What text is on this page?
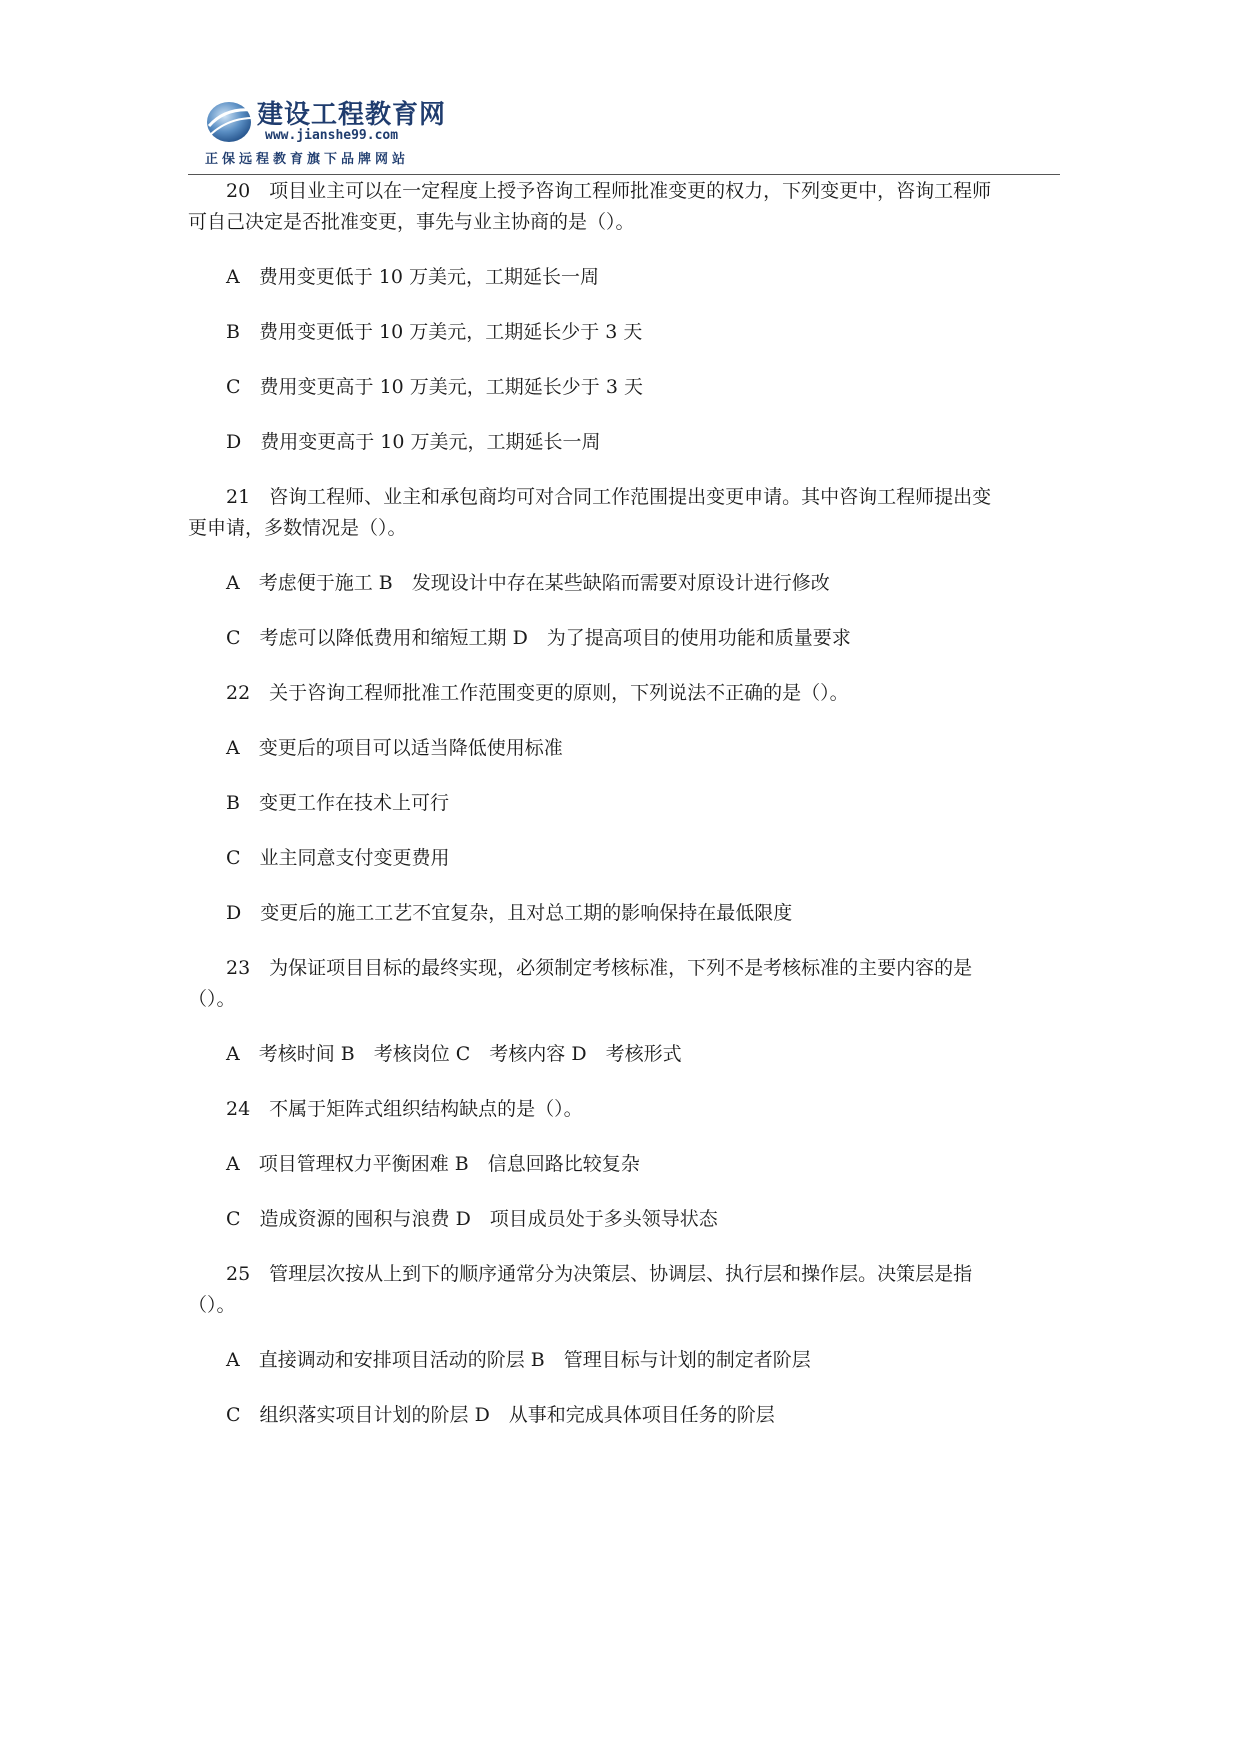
建设工程教育网
www.jianshe99.com
正保远程教育旗下品牌网站

　　20　项目业主可以在一定程度上授予咨询工程师批准变更的权力，下列变更中，咨询工程师

可自己决定是否批准变更，事先与业主协商的是（）。

　　A　费用变更低于 10 万美元，工期延长一周

　　B　费用变更低于 10 万美元，工期延长少于 3 天

　　C　费用变更高于 10 万美元，工期延长少于 3 天

　　D　费用变更高于 10 万美元，工期延长一周

　　21　咨询工程师、业主和承包商均可对合同工作范围提出变更申请。其中咨询工程师提出变

更申请，多数情况是（）。

　　A　考虑便于施工 B　发现设计中存在某些缺陷而需要对原设计进行修改

　　C　考虑可以降低费用和缩短工期 D　为了提高项目的使用功能和质量要求

　　22　关于咨询工程师批准工作范围变更的原则，下列说法不正确的是（）。

　　A　变更后的项目可以适当降低使用标准

　　B　变更工作在技术上可行

　　C　业主同意支付变更费用

　　D　变更后的施工工艺不宜复杂，且对总工期的影响保持在最低限度

　　23　为保证项目目标的最终实现，必须制定考核标准，下列不是考核标准的主要内容的是

（）。

　　A　考核时间 B　考核岗位 C　考核内容 D　考核形式

　　24　不属于矩阵式组织结构缺点的是（）。

　　A　项目管理权力平衡困难 B　信息回路比较复杂

　　C　造成资源的囤积与浪费 D　项目成员处于多头领导状态

　　25　管理层次按从上到下的顺序通常分为决策层、协调层、执行层和操作层。决策层是指

（）。

　　A　直接调动和安排项目活动的阶层 B　管理目标与计划的制定者阶层

　　C　组织落实项目计划的阶层 D　从事和完成具体项目任务的阶层
